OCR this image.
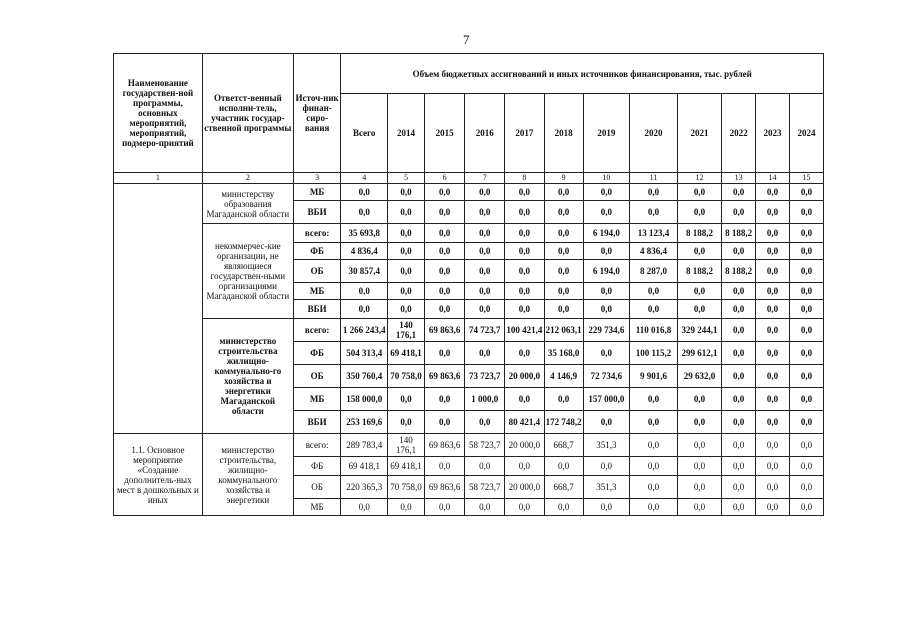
7
Наименование государствен-ной программы, основных мероприятий, мероприятий, подмеро-приятий	Ответст-венный исполни-тель, участник государ-ственной программы	Источ-ник финан-сиро-вания	Объем бюджетных ассигнований и иных источников финансирования, тыс. рублей											
			Всего	2014	2015	2016	2017	2018	2019	2020	2021	2022	2023	2024
1	2	3	4	5	6	7	8	9	10	11	12	13	14	15
	министерству образования Магаданской области	МБ	0,0	0,0	0,0	0,0	0,0	0,0	0,0	0,0	0,0	0,0	0,0	0,0
		ВБИ	0,0	0,0	0,0	0,0	0,0	0,0	0,0	0,0	0,0	0,0	0,0	0,0
	некоммерчес-кие организации, не являющиеся государствен-ными организациями Магаданской области	всего:	35 693,8	0,0	0,0	0,0	0,0	0,0	6 194,0	13 123,4	8 188,2	8 188,2	0,0	0,0
		ФБ	4 836,4	0,0	0,0	0,0	0,0	0,0	0,0	4 836,4	0,0	0,0	0,0	0,0
		ОБ	30 857,4	0,0	0,0	0,0	0,0	0,0	6 194,0	8 287,0	8 188,2	8 188,2	0,0	0,0
		МБ	0,0	0,0	0,0	0,0	0,0	0,0	0,0	0,0	0,0	0,0	0,0	0,0
		ВБИ	0,0	0,0	0,0	0,0	0,0	0,0	0,0	0,0	0,0	0,0	0,0	0,0
	министерство строительства жилищно-коммунально-го хозяйства и энергетики Магаданской области	всего:	1 266 243,4	140 176,1	69 863,6	74 723,7	100 421,4	212 063,1	229 734,6	110 016,8	329 244,1	0,0	0,0	0,0
		ФБ	504 313,4	69 418,1	0,0	0,0	0,0	35 168,0	0,0	100 115,2	299 612,1	0,0	0,0	0,0
		ОБ	350 760,4	70 758,0	69 863,6	73 723,7	20 000,0	4 146,9	72 734,6	9 901,6	29 632,0	0,0	0,0	0,0
		МБ	158 000,0	0,0	0,0	1 000,0	0,0	0,0	157 000,0	0,0	0,0	0,0	0,0	0,0
		ВБИ	253 169,6	0,0	0,0	0,0	80 421,4	172 748,2	0,0	0,0	0,0	0,0	0,0	0,0
1.1. Основное мероприятие «Создание дополнитель-ных мест в дошкольных и иных	министерство строительства, жилищно-коммунального хозяйства и энергетики	всего:	289 783,4	140 176,1	69 863,6	58 723,7	20 000,0	668,7	351,3	0,0	0,0	0,0	0,0	0,0
		ФБ	69 418,1	69 418,1	0,0	0,0	0,0	0,0	0,0	0,0	0,0	0,0	0,0	0,0
		ОБ	220 365,3	70 758,0	69 863,6	58 723,7	20 000,0	668,7	351,3	0,0	0,0	0,0	0,0	0,0
		МБ	0,0	0,0	0,0	0,0	0,0	0,0	0,0	0,0	0,0	0,0	0,0	0,0
